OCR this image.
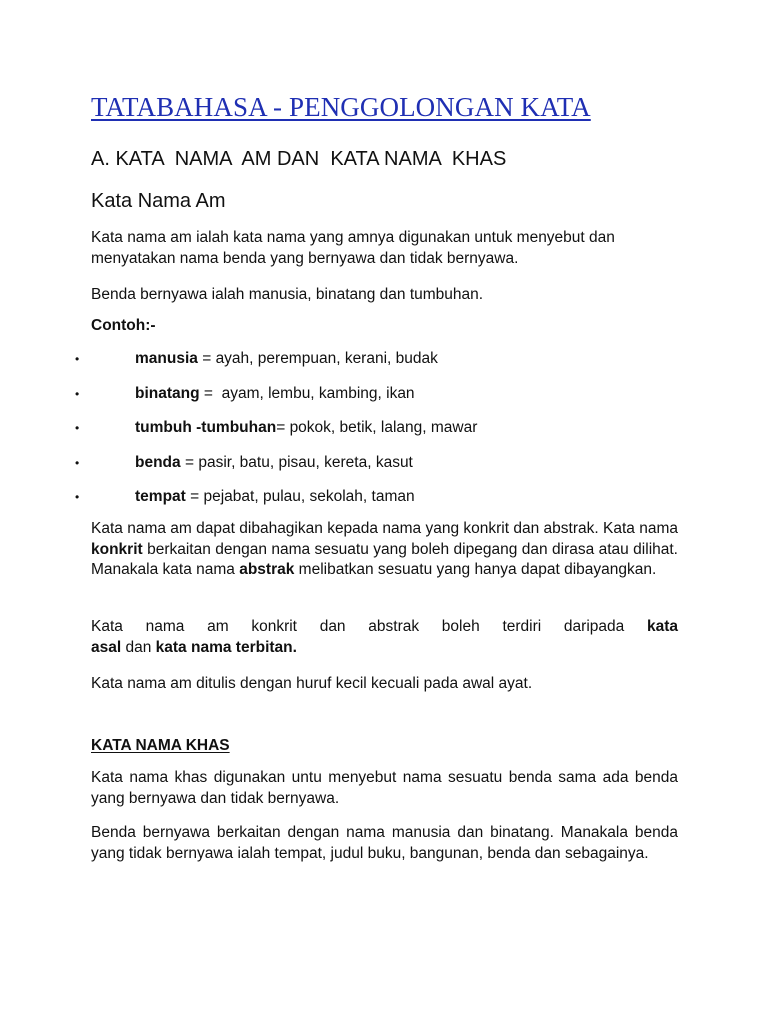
TATABAHASA - PENGGOLONGAN KATA
A. KATA  NAMA  AM DAN  KATA NAMA  KHAS
Kata Nama Am

Kata nama am ialah kata nama yang amnya digunakan untuk menyebut dan menyatakan nama benda yang bernyawa dan tidak bernyawa.

Benda bernyawa ialah manusia, binatang dan tumbuhan.

Contoh:-

•	manusia = ayah, perempuan, kerani, budak
•	binatang =  ayam, lembu, kambing, ikan
•	tumbuh -tumbuhan= pokok, betik, lalang, mawar
•	benda = pasir, batu, pisau, kereta, kasut
•	tempat = pejabat, pulau, sekolah, taman

Kata nama am dapat dibahagikan kepada nama yang konkrit dan abstrak. Kata nama konkrit berkaitan dengan nama sesuatu yang boleh dipegang dan dirasa atau dilihat. Manakala kata nama abstrak melibatkan sesuatu yang hanya dapat dibayangkan.

Kata nama am konkrit dan abstrak boleh terdiri daripada kata
asal dan kata nama terbitan.

Kata nama am ditulis dengan huruf kecil kecuali pada awal ayat.

KATA NAMA KHAS

Kata nama khas digunakan untu menyebut nama sesuatu benda sama ada benda yang bernyawa dan tidak bernyawa.

Benda bernyawa berkaitan dengan nama manusia dan binatang. Manakala benda yang tidak bernyawa ialah tempat, judul buku, bangunan, benda dan sebagainya.
